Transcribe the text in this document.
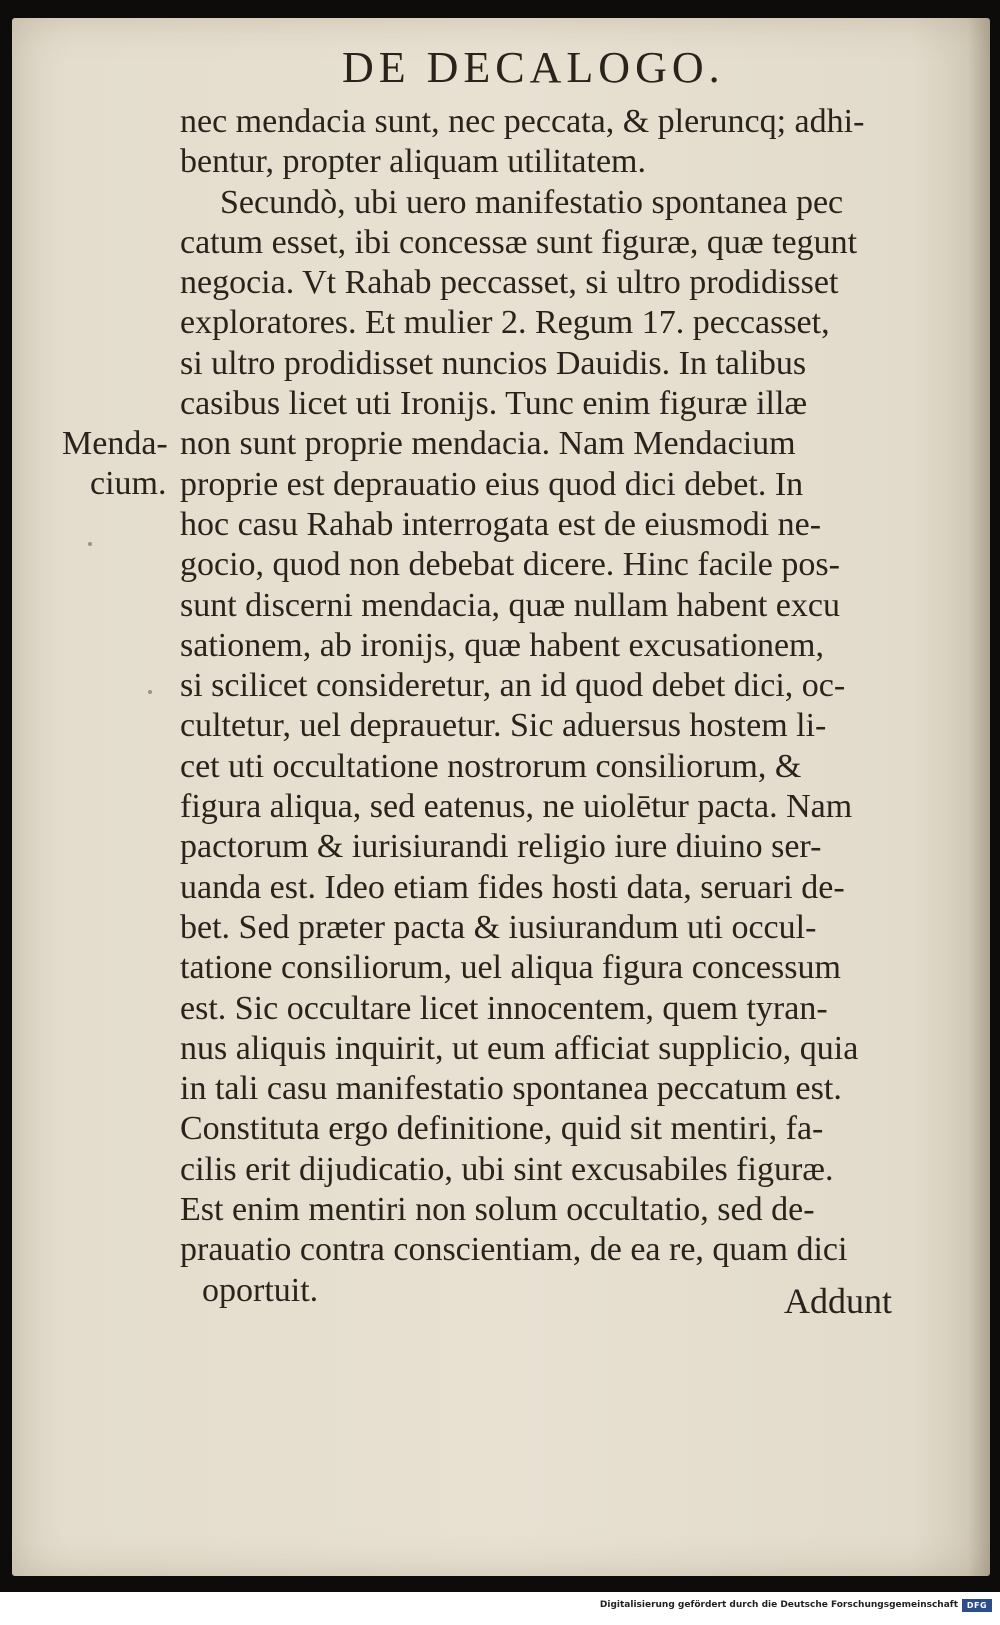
DE DECALOGO.
nec mendacia sunt, nec peccata, & pleruncq; adhi-
bentur, propter aliquam utilitatem.
Secundò, ubi uero manifestatio spontanea pec
catum esset, ibi concessæ sunt figuræ, quæ tegunt
negocia. Vt Rahab peccasset, si ultro prodidisset
exploratores. Et mulier 2. Regum 17. peccasset,
si ultro prodidisset nuncios Dauidis. In talibus
casibus licet uti Ironijs. Tunc enim figuræ illæ
non sunt proprie mendacia. Nam Mendacium
proprie est deprauatio eius quod dici debet. In
hoc casu Rahab interrogata est de eiusmodi ne-
gocio, quod non debebat dicere. Hinc facile pos-
sunt discerni mendacia, quæ nullam habent excu
sationem, ab ironijs, quæ habent excusationem,
si scilicet consideretur, an id quod debet dici, oc-
cultetur, uel deprauetur. Sic aduersus hostem li-
cet uti occultatione nostrorum consiliorum, &
figura aliqua, sed eatenus, ne uiolētur pacta. Nam
pactorum & iurisiurandi religio iure diuino ser-
uanda est. Ideo etiam fides hosti data, seruari de-
bet. Sed præter pacta & iusiurandum uti occul-
tatione consiliorum, uel aliqua figura concessum
est. Sic occultare licet innocentem, quem tyran-
nus aliquis inquirit, ut eum afficiat supplicio, quia
in tali casu manifestatio spontanea peccatum est.
Constituta ergo definitione, quid sit mentiri, fa-
cilis erit dijudicatio, ubi sint excusabiles figuræ.
Est enim mentiri non solum occultatio, sed de-
prauatio contra conscientiam, de ea re, quam dici
oportuit.
Menda-
cium.
Addunt
Digitalisierung gefördert durch die Deutsche Forschungsgemeinschaft	DFG
